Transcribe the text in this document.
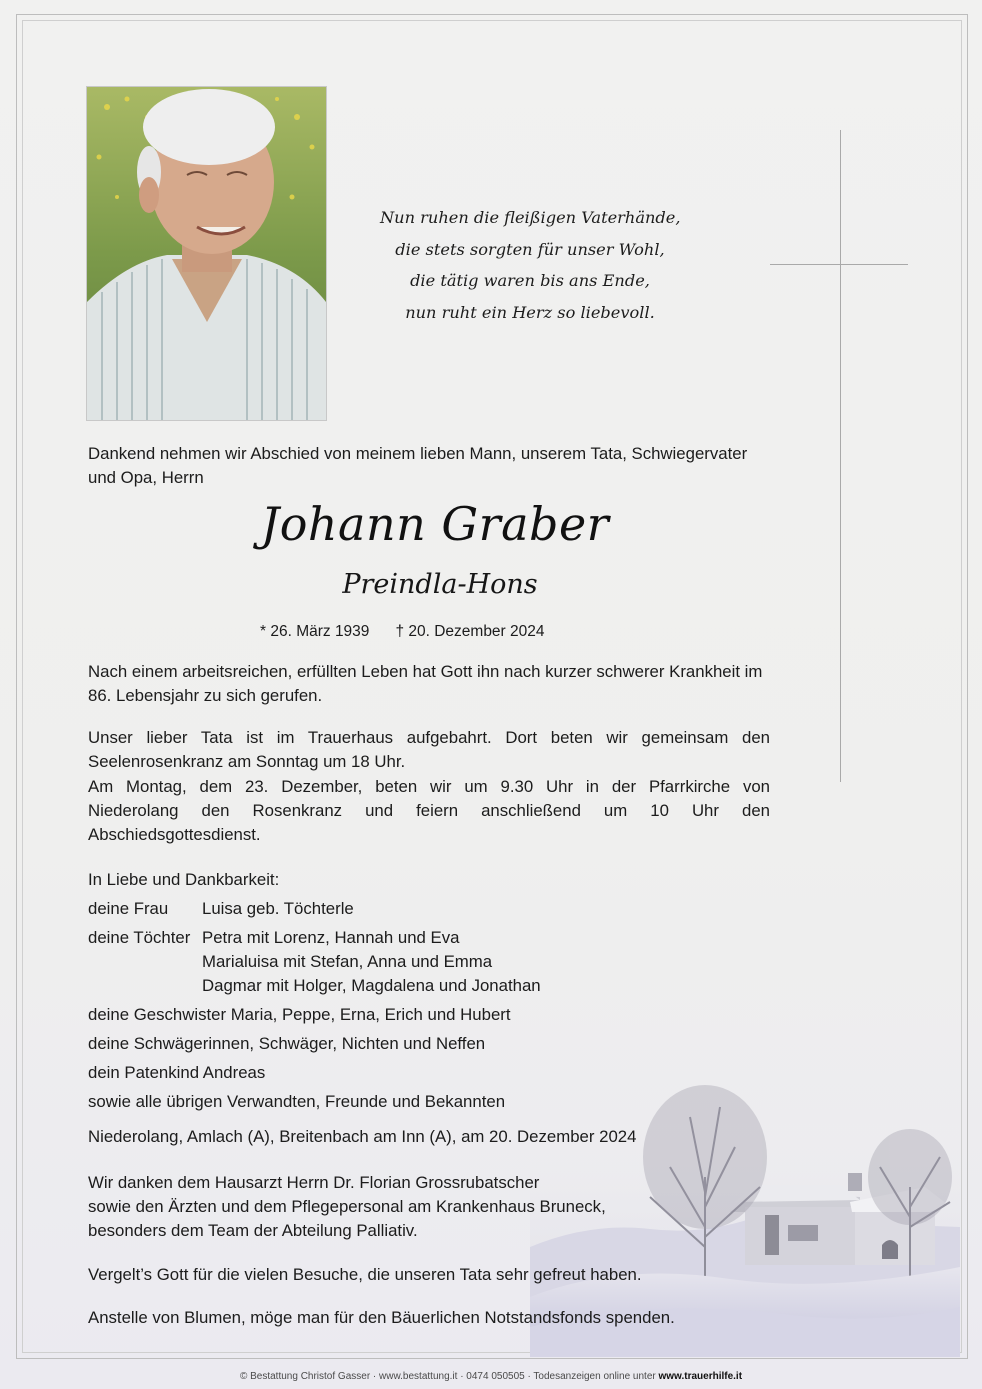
Nun ruhen die fleißigen Vaterhände,
die stets sorgten für unser Wohl,
die tätig waren bis ans Ende,
nun ruht ein Herz so liebevoll.
Dankend nehmen wir Abschied von meinem lieben Mann, unserem Tata, Schwiegervater und Opa, Herrn
Johann Graber
Preindla-Hons
* 26. März 1939 † 20. Dezember 2024
Nach einem arbeitsreichen, erfüllten Leben hat Gott ihn nach kurzer schwerer Krankheit im 86. Lebensjahr zu sich gerufen.
Unser lieber Tata ist im Trauerhaus aufgebahrt. Dort beten wir gemeinsam den Seelenrosenkranz am Sonntag um 18 Uhr.
Am Montag, dem 23. Dezember, beten wir um 9.30 Uhr in der Pfarrkirche von
Niederolang den Rosenkranz und feiern anschließend um 10 Uhr den
Abschiedsgottesdienst.
In Liebe und Dankbarkeit:
deine Frau	Luisa geb. Töchterle
deine Töchter Petra mit Lorenz, Hannah und Eva
Marialuisa mit Stefan, Anna und Emma
Dagmar mit Holger, Magdalena und Jonathan
deine Geschwister Maria, Peppe, Erna, Erich und Hubert
deine Schwägerinnen, Schwäger, Nichten und Neffen
dein Patenkind Andreas
sowie alle übrigen Verwandten, Freunde und Bekannten
Niederolang, Amlach (A), Breitenbach am Inn (A), am 20. Dezember 2024
Wir danken dem Hausarzt Herrn Dr. Florian Grossrubatscher
sowie den Ärzten und dem Pflegepersonal am Krankenhaus Bruneck,
besonders dem Team der Abteilung Palliativ.
Vergelt’s Gott für die vielen Besuche, die unseren Tata sehr gefreut haben.
Anstelle von Blumen, möge man für den Bäuerlichen Notstandsfonds spenden.
© Bestattung Christof Gasser · www.bestattung.it · 0474 050505 · Todesanzeigen online unter www.trauerhilfe.it
